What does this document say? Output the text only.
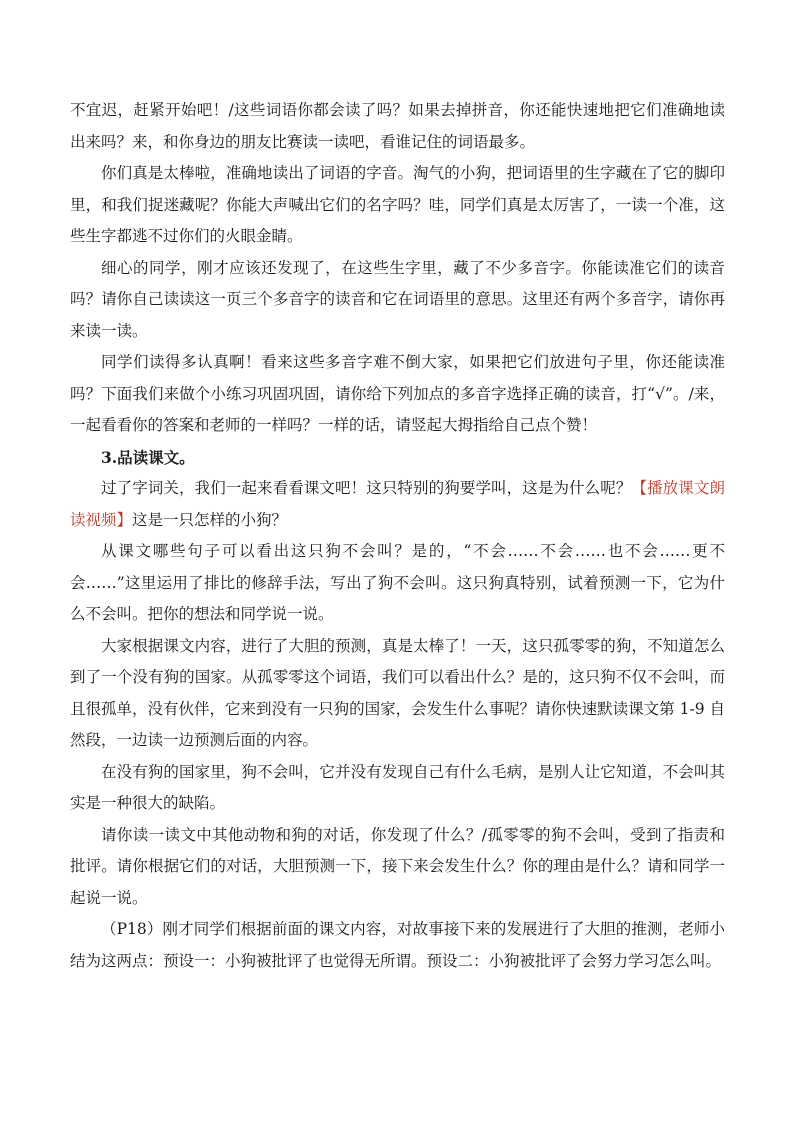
不宜迟，赶紧开始吧！/这些词语你都会读了吗？如果去掉拼音，你还能快速地把它们准确地读出来吗？来，和你身边的朋友比赛读一读吧，看谁记住的词语最多。

你们真是太棒啦，准确地读出了词语的字音。淘气的小狗，把词语里的生字藏在了它的脚印里，和我们捉迷藏呢？你能大声喊出它们的名字吗？哇，同学们真是太厉害了，一读一个准，这些生字都逃不过你们的火眼金睛。

细心的同学，刚才应该还发现了，在这些生字里，藏了不少多音字。你能读准它们的读音吗？请你自己读读这一页三个多音字的读音和它在词语里的意思。这里还有两个多音字，请你再来读一读。

同学们读得多认真啊！看来这些多音字难不倒大家，如果把它们放进句子里，你还能读准吗？下面我们来做个小练习巩固巩固，请你给下列加点的多音字选择正确的读音，打“√”。/来，一起看看你的答案和老师的一样吗？一样的话，请竖起大拇指给自己点个赞！

3.品读课文。

过了字词关，我们一起来看看课文吧！这只特别的狗要学叫，这是为什么呢？【播放课文朗读视频】这是一只怎样的小狗？

从课文哪些句子可以看出这只狗不会叫？是的，“不会……不会……也不会……更不会……”这里运用了排比的修辞手法，写出了狗不会叫。这只狗真特别，试着预测一下，它为什么不会叫。把你的想法和同学说一说。

大家根据课文内容，进行了大胆的预测，真是太棒了！一天，这只孤零零的狗，不知道怎么到了一个没有狗的国家。从孤零零这个词语，我们可以看出什么？是的，这只狗不仅不会叫，而且很孤单，没有伙伴，它来到没有一只狗的国家，会发生什么事呢？请你快速默读课文第 1-9 自然段，一边读一边预测后面的内容。

在没有狗的国家里，狗不会叫，它并没有发现自己有什么毛病，是别人让它知道，不会叫其实是一种很大的缺陷。

请你读一读文中其他动物和狗的对话，你发现了什么？/孤零零的狗不会叫，受到了指责和批评。请你根据它们的对话，大胆预测一下，接下来会发生什么？你的理由是什么？请和同学一起说一说。

（P18）刚才同学们根据前面的课文内容，对故事接下来的发展进行了大胆的推测，老师小结为这两点：预设一：小狗被批评了也觉得无所谓。预设二：小狗被批评了会努力学习怎么叫。
